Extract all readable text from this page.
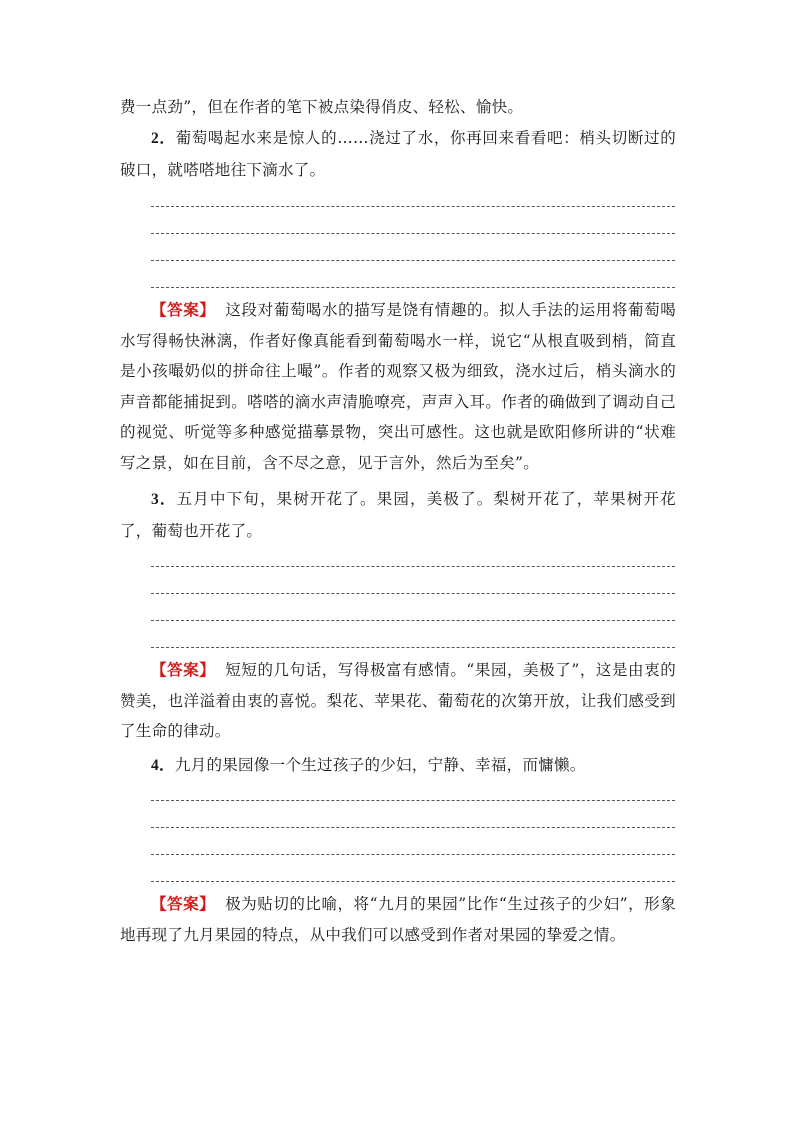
费一点劲”，但在作者的笔下被点染得俏皮、轻松、愉快。

2．葡萄喝起水来是惊人的……浇过了水，你再回来看看吧：梢头切断过的破口，就嗒嗒地往下滴水了。

【答案】 这段对葡萄喝水的描写是饶有情趣的。拟人手法的运用将葡萄喝水写得畅快淋漓，作者好像真能看到葡萄喝水一样，说它“从根直吸到梢，简直是小孩嘬奶似的拼命往上嘬”。作者的观察又极为细致，浇水过后，梢头滴水的声音都能捕捉到。嗒嗒的滴水声清脆嘹亮，声声入耳。作者的确做到了调动自己的视觉、听觉等多种感觉描摹景物，突出可感性。这也就是欧阳修所讲的“状难写之景，如在目前，含不尽之意，见于言外，然后为至矣”。

3．五月中下旬，果树开花了。果园，美极了。梨树开花了，苹果树开花了，葡萄也开花了。

【答案】 短短的几句话，写得极富有感情。“果园，美极了”，这是由衷的赞美，也洋溢着由衷的喜悦。梨花、苹果花、葡萄花的次第开放，让我们感受到了生命的律动。

4．九月的果园像一个生过孩子的少妇，宁静、幸福，而慵懒。

【答案】 极为贴切的比喻，将“九月的果园”比作“生过孩子的少妇”，形象地再现了九月果园的特点，从中我们可以感受到作者对果园的挚爱之情。
